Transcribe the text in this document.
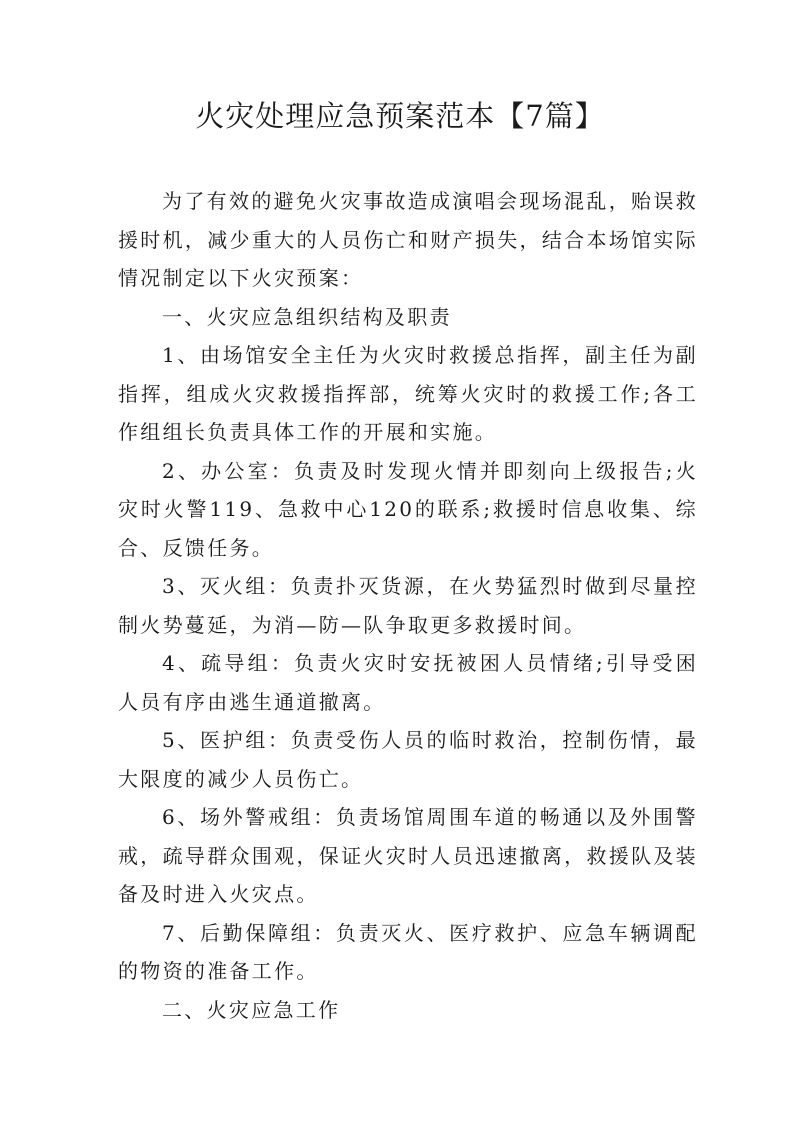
火灾处理应急预案范本【7篇】

为了有效的避免火灾事故造成演唱会现场混乱，贻误救援时机，减少重大的人员伤亡和财产损失，结合本场馆实际情况制定以下火灾预案：

一、火灾应急组织结构及职责

1、由场馆安全主任为火灾时救援总指挥，副主任为副指挥，组成火灾救援指挥部，统筹火灾时的救援工作;各工作组组长负责具体工作的开展和实施。

2、办公室：负责及时发现火情并即刻向上级报告;火灾时火警119、急救中心120的联系;救援时信息收集、综合、反馈任务。

3、灭火组：负责扑灭货源，在火势猛烈时做到尽量控制火势蔓延，为消—防—队争取更多救援时间。

4、疏导组：负责火灾时安抚被困人员情绪;引导受困人员有序由逃生通道撤离。

5、医护组：负责受伤人员的临时救治，控制伤情，最大限度的减少人员伤亡。

6、场外警戒组：负责场馆周围车道的畅通以及外围警戒，疏导群众围观，保证火灾时人员迅速撤离，救援队及装备及时进入火灾点。

7、后勤保障组：负责灭火、医疗救护、应急车辆调配的物资的准备工作。

二、火灾应急工作
